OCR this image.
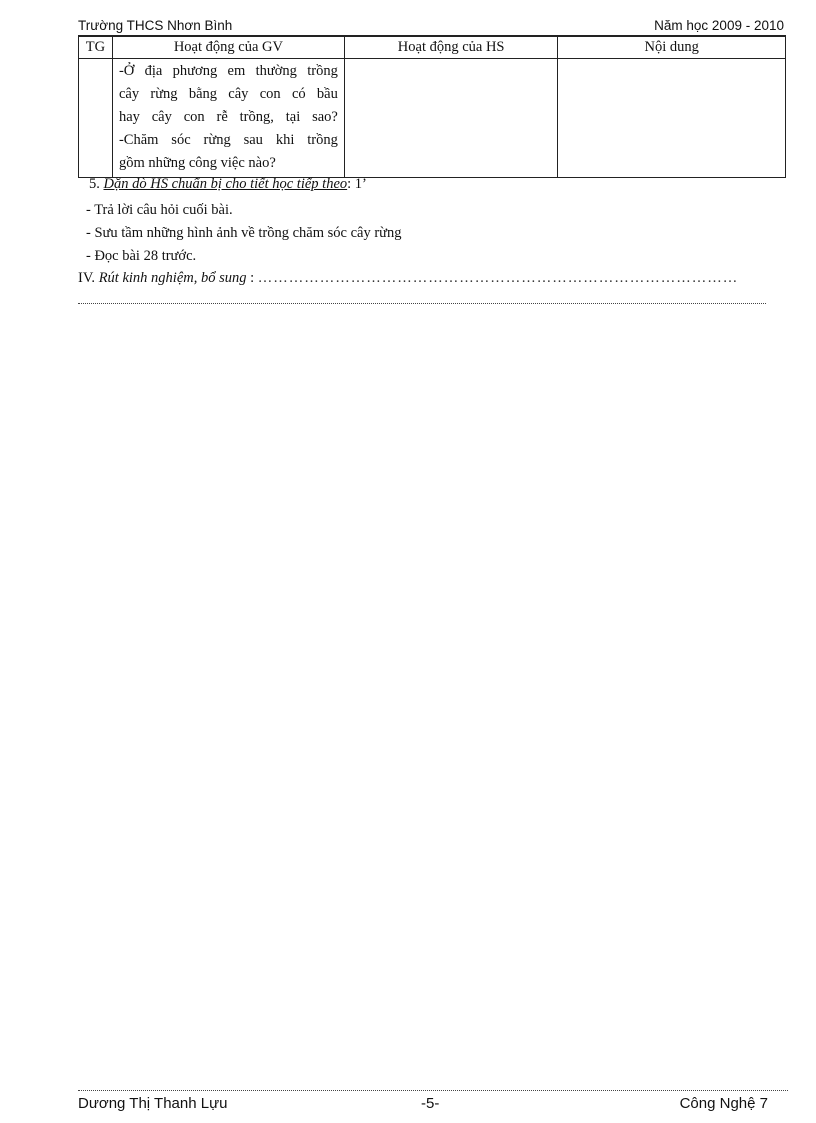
Trường THCS Nhơn Bình	Năm học 2009 - 2010
TG	Hoạt động của GV	Hoạt động của HS	Nội dung

	-Ở địa phương em thường trồng
cây rừng bằng cây con có bầu
hay cây con rễ trồng, tại sao?
-Chăm sóc rừng sau khi trồng
gồm những công việc nào?		

5. Dặn dò HS chuẩn bị cho tiết học tiếp theo: 1’
- Trả lời câu hỏi cuối bài.
- Sưu tầm những hình ảnh về trồng chăm sóc cây rừng
- Đọc bài 28 trước.
IV. Rút kinh nghiệm, bổ sung : …………………………………………………………………………………
Dương Thị Thanh Lựu	-5-	Công Nghệ 7
